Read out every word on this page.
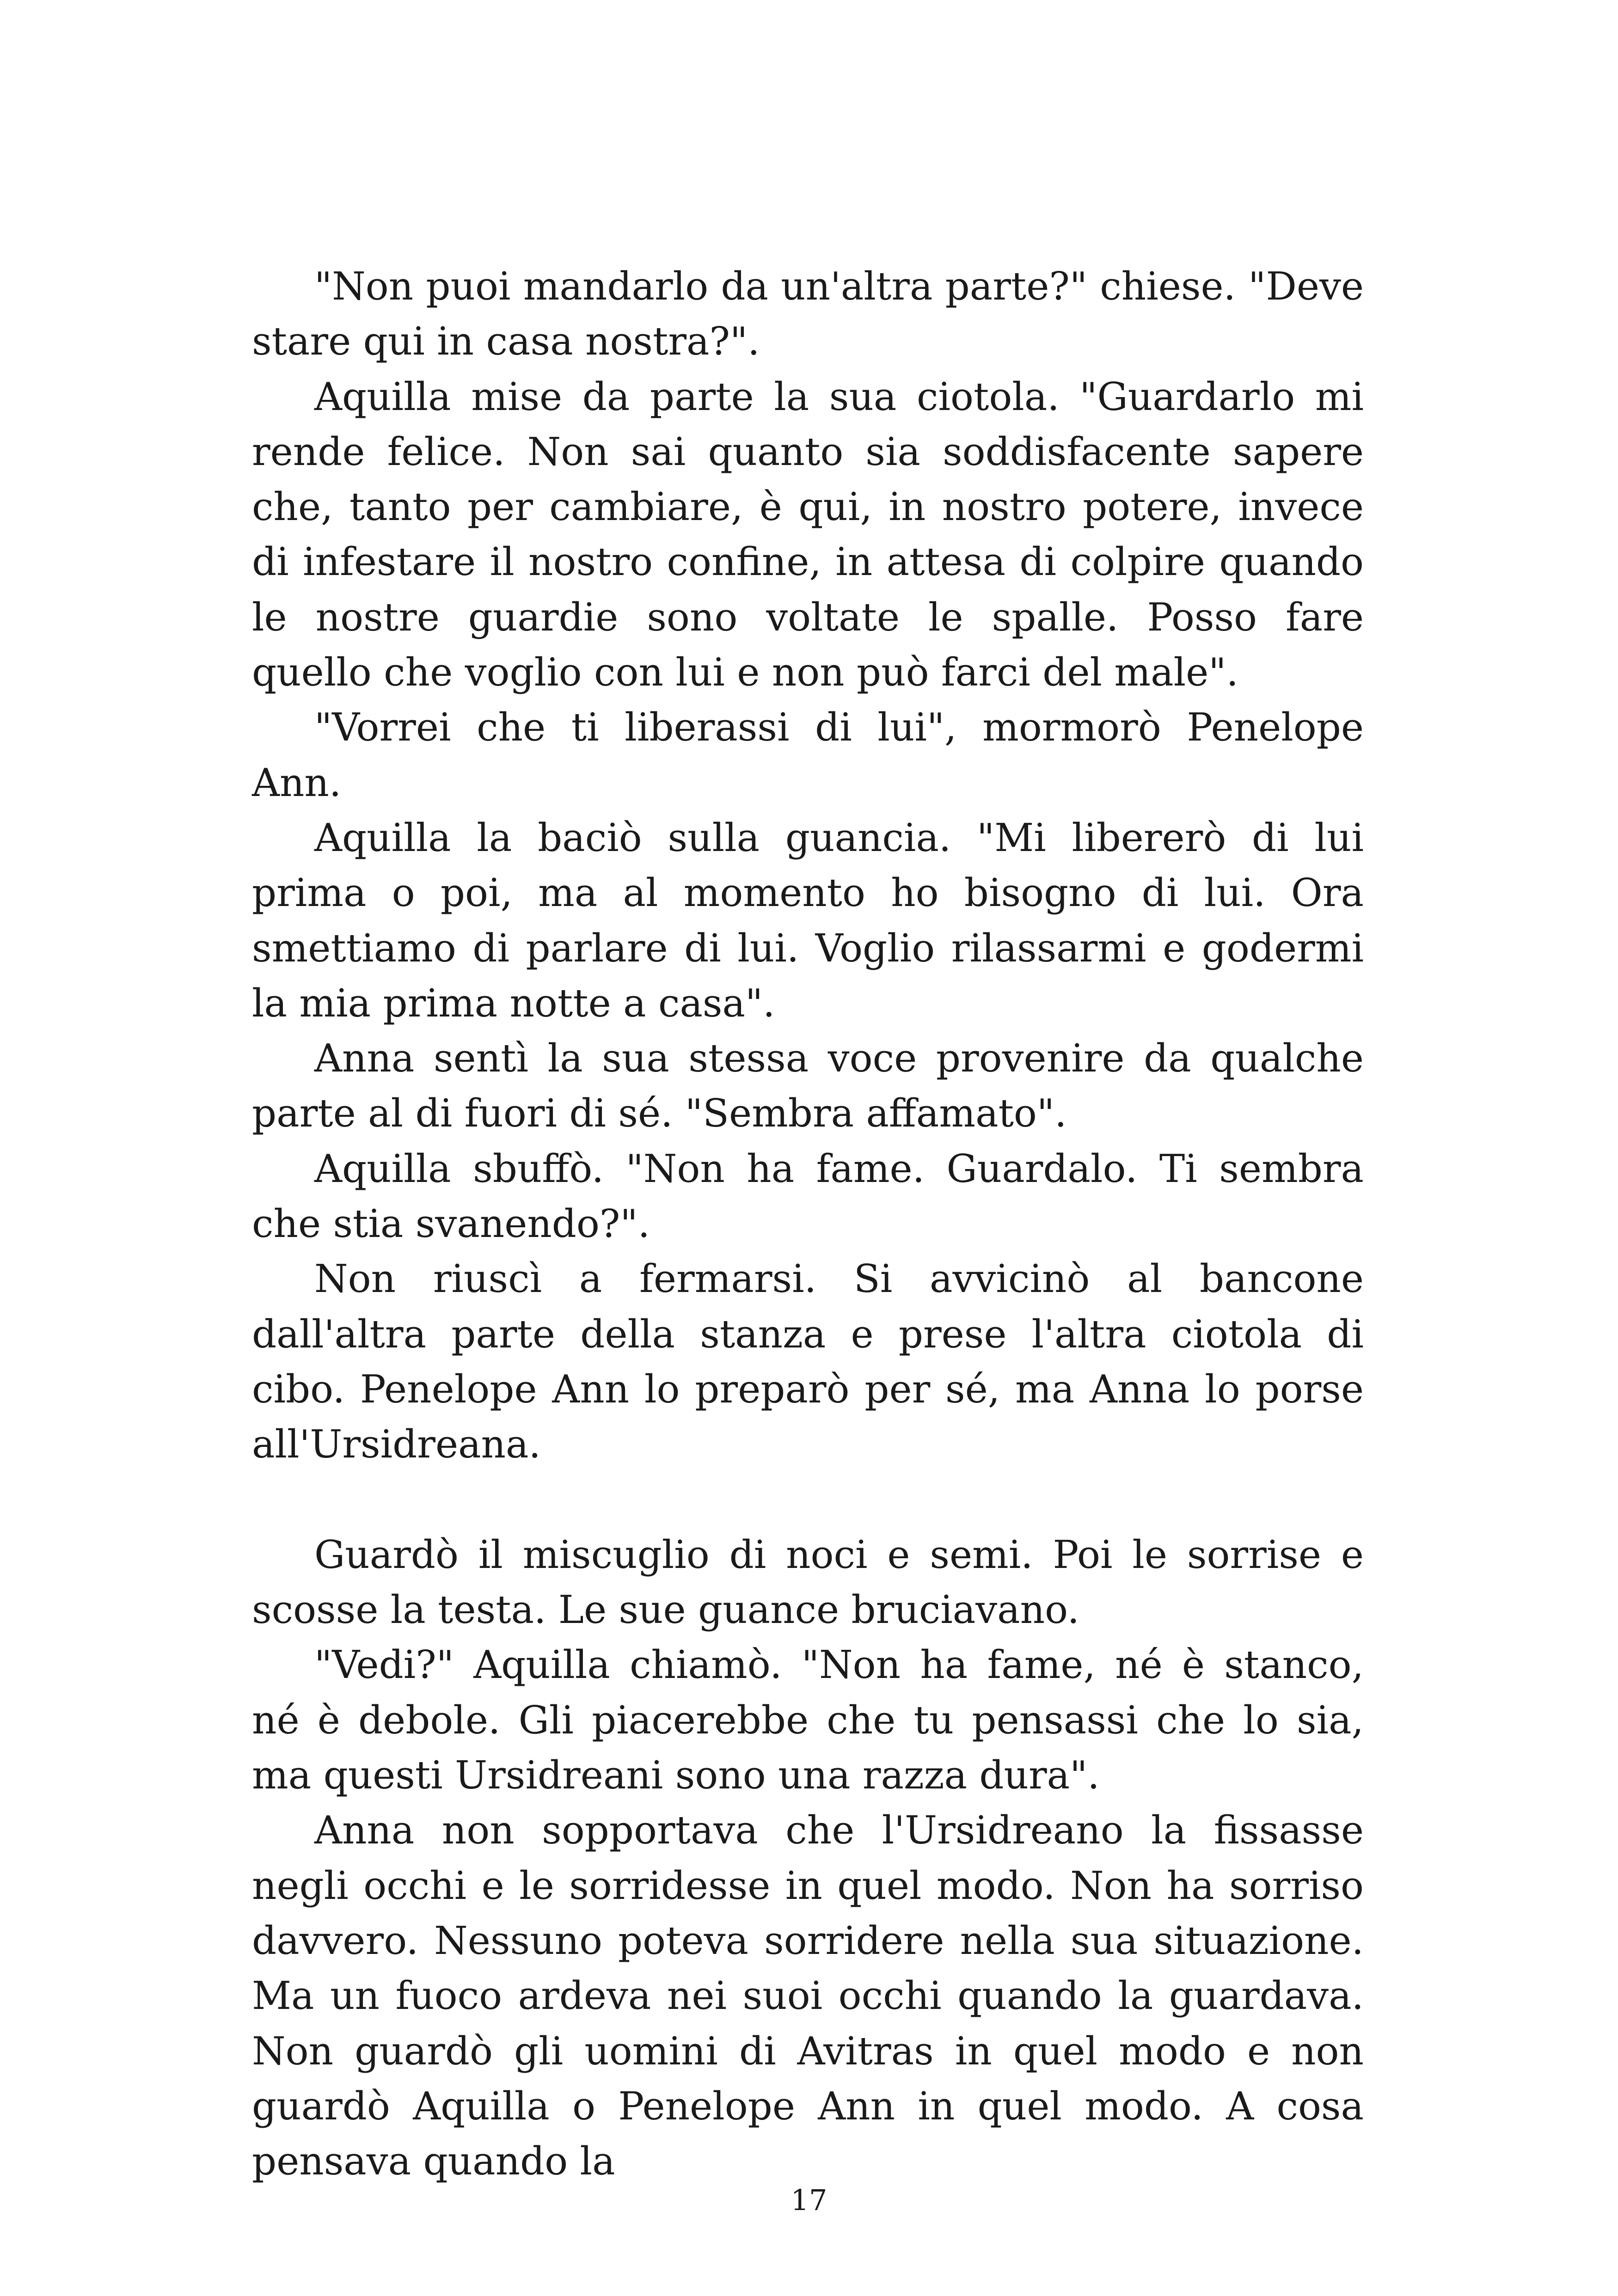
"Non puoi mandarlo da un'altra parte?" chiese. "Deve stare qui in casa nostra?".

Aquilla mise da parte la sua ciotola. "Guardarlo mi rende felice. Non sai quanto sia soddisfacente sapere che, tanto per cambiare, è qui, in nostro potere, invece di infestare il nostro confine, in attesa di colpire quando le nostre guardie sono voltate le spalle. Posso fare quello che voglio con lui e non può farci del male".

"Vorrei che ti liberassi di lui", mormorò Penelope Ann.

Aquilla la baciò sulla guancia. "Mi libererò di lui prima o poi, ma al momento ho bisogno di lui. Ora smettiamo di parlare di lui. Voglio rilassarmi e godermi la mia prima notte a casa".

Anna sentì la sua stessa voce provenire da qualche parte al di fuori di sé. "Sembra affamato".

Aquilla sbuffò. "Non ha fame. Guardalo. Ti sembra che stia svanendo?".

Non riuscì a fermarsi. Si avvicinò al bancone dall'altra parte della stanza e prese l'altra ciotola di cibo. Penelope Ann lo preparò per sé, ma Anna lo porse all'Ursidreana.

Guardò il miscuglio di noci e semi. Poi le sorrise e scosse la testa. Le sue guance bruciavano.

"Vedi?" Aquilla chiamò. "Non ha fame, né è stanco, né è debole. Gli piacerebbe che tu pensassi che lo sia, ma questi Ursidreani sono una razza dura".

Anna non sopportava che l'Ursidreano la fissasse negli occhi e le sorridesse in quel modo. Non ha sorriso davvero. Nessuno poteva sorridere nella sua situazione. Ma un fuoco ardeva nei suoi occhi quando la guardava. Non guardò gli uomini di Avitras in quel modo e non guardò Aquilla o Penelope Ann in quel modo. A cosa pensava quando la

17
